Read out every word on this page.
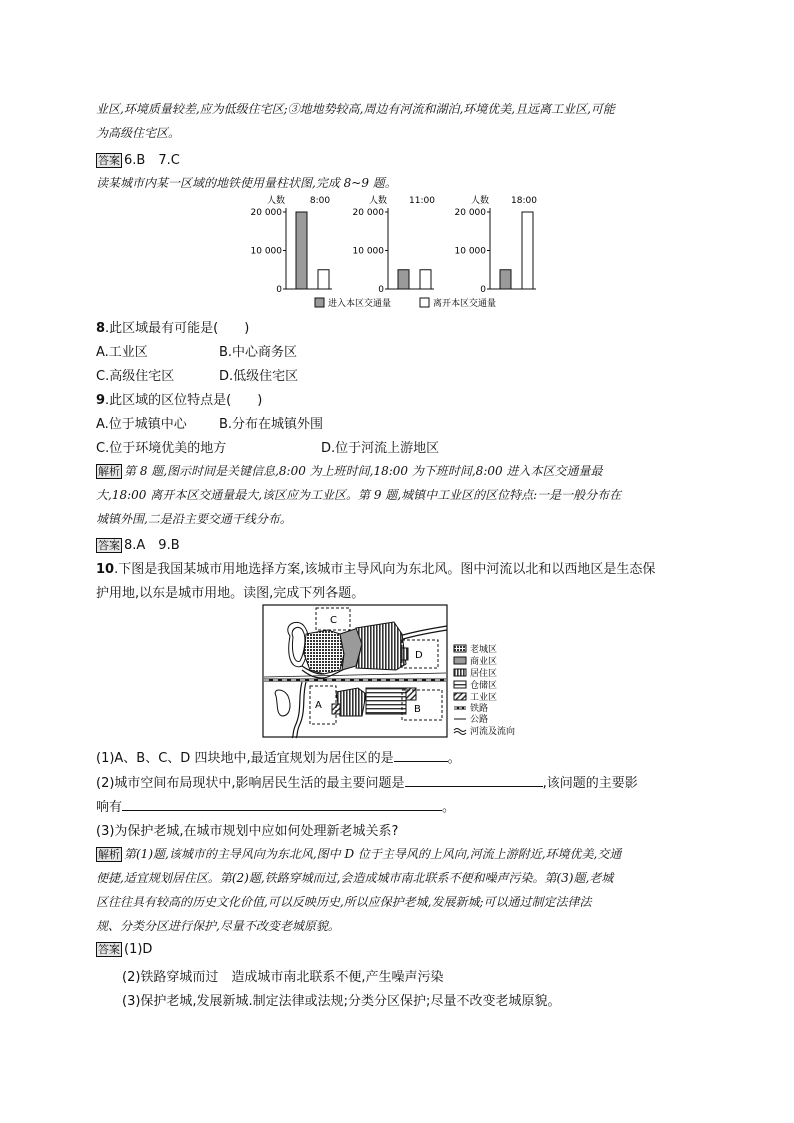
业区,环境质量较差,应为低级住宅区;③地地势较高,周边有河流和湖泊,环境优美,且远离工业区,可能
为高级住宅区。
答案 6.B　7.C
读某城市内某一区域的地铁使用量柱状图,完成 8~9 题。
人数	8:00
20 000
10 000
0
人数 11:00
20 000
10 000
0
人数 18:00
20 000
10 000
0
进入本区交通量	离开本区交通量
8.此区域最有可能是(　　)
A.工业区	B.中心商务区
C.高级住宅区	D.低级住宅区
9.此区域的区位特点是(　　)
A.位于城镇中心 B.分布在城镇外围
C.位于环境优美的地方	D.位于河流上游地区
解析 第 8 题,图示时间是关键信息,8:00 为上班时间,18:00 为下班时间,8:00 进入本区交通量最
大,18:00 离开本区交通量最大,该区应为工业区。第 9 题,城镇中工业区的区位特点:一是一般分布在
城镇外围,二是沿主要交通干线分布。
答案 8.A　9.B
10.下图是我国某城市用地选择方案,该城市主导风向为东北风。图中河流以北和以西地区是生态保
护用地,以东是城市用地。读图,完成下列各题。
C
D
A	B
老城区
商业区
居住区
仓储区
工业区
铁路
公路
河流及流向
(1)A、B、C、D 四块地中,最适宜规划为居住区的是	。
(2)城市空间布局现状中,影响居民生活的最主要问题是	,该问题的主要影
响有	。
(3)为保护老城,在城市规划中应如何处理新老城关系?
解析 第(1)题,该城市的主导风向为东北风,图中 D 位于主导风的上风向,河流上游附近,环境优美,交通
便捷,适宜规划居住区。第(2)题,铁路穿城而过,会造成城市南北联系不便和噪声污染。第(3)题,老城
区往往具有较高的历史文化价值,可以反映历史,所以应保护老城,发展新城;可以通过制定法律法
规、分类分区进行保护,尽量不改变老城原貌。
答案 (1)D
(2)铁路穿城而过　造成城市南北联系不便,产生噪声污染
(3)保护老城,发展新城.制定法律或法规;分类分区保护;尽量不改变老城原貌。
